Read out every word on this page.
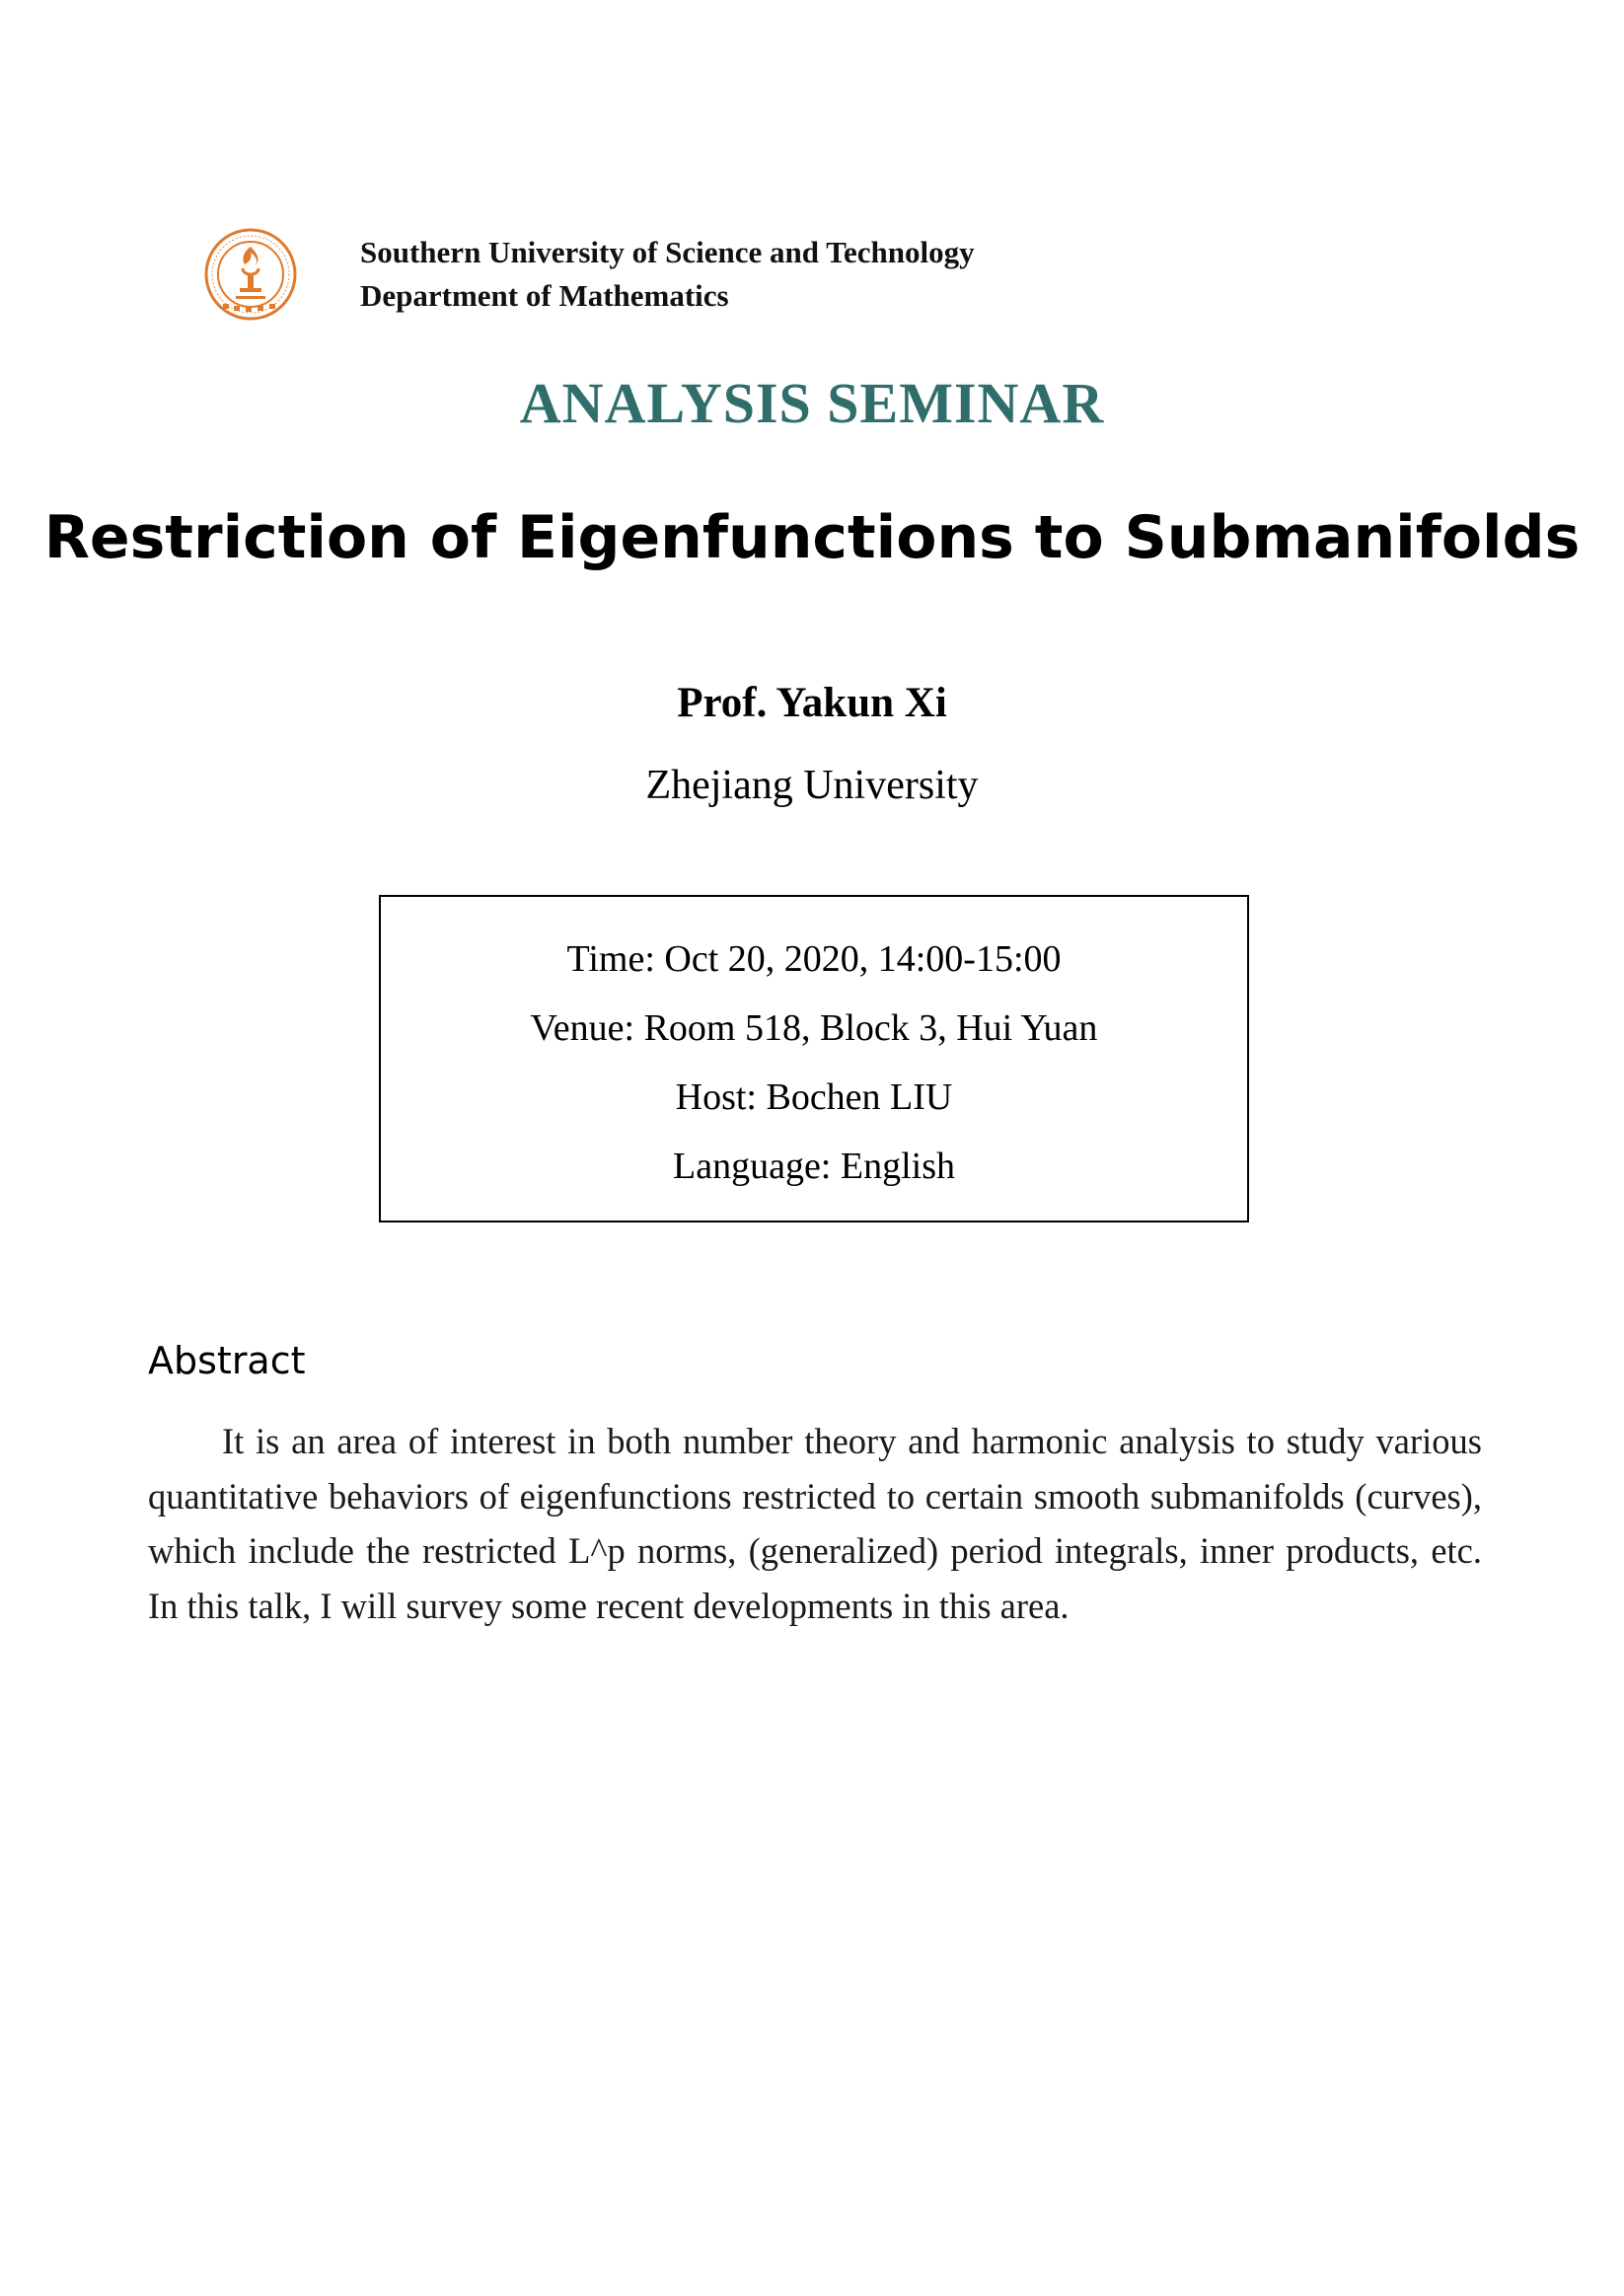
Southern University of Science and Technology
Department of Mathematics
ANALYSIS SEMINAR
Restriction of Eigenfunctions to Submanifolds
Prof. Yakun Xi
Zhejiang University
Time: Oct 20, 2020, 14:00-15:00
Venue: Room 518, Block 3, Hui Yuan
Host: Bochen LIU
Language: English
Abstract
It is an area of interest in both number theory and harmonic analysis to study various quantitative behaviors of eigenfunctions restricted to certain smooth submanifolds (curves), which include the restricted L^p norms, (generalized) period integrals, inner products, etc. In this talk, I will survey some recent developments in this area.
